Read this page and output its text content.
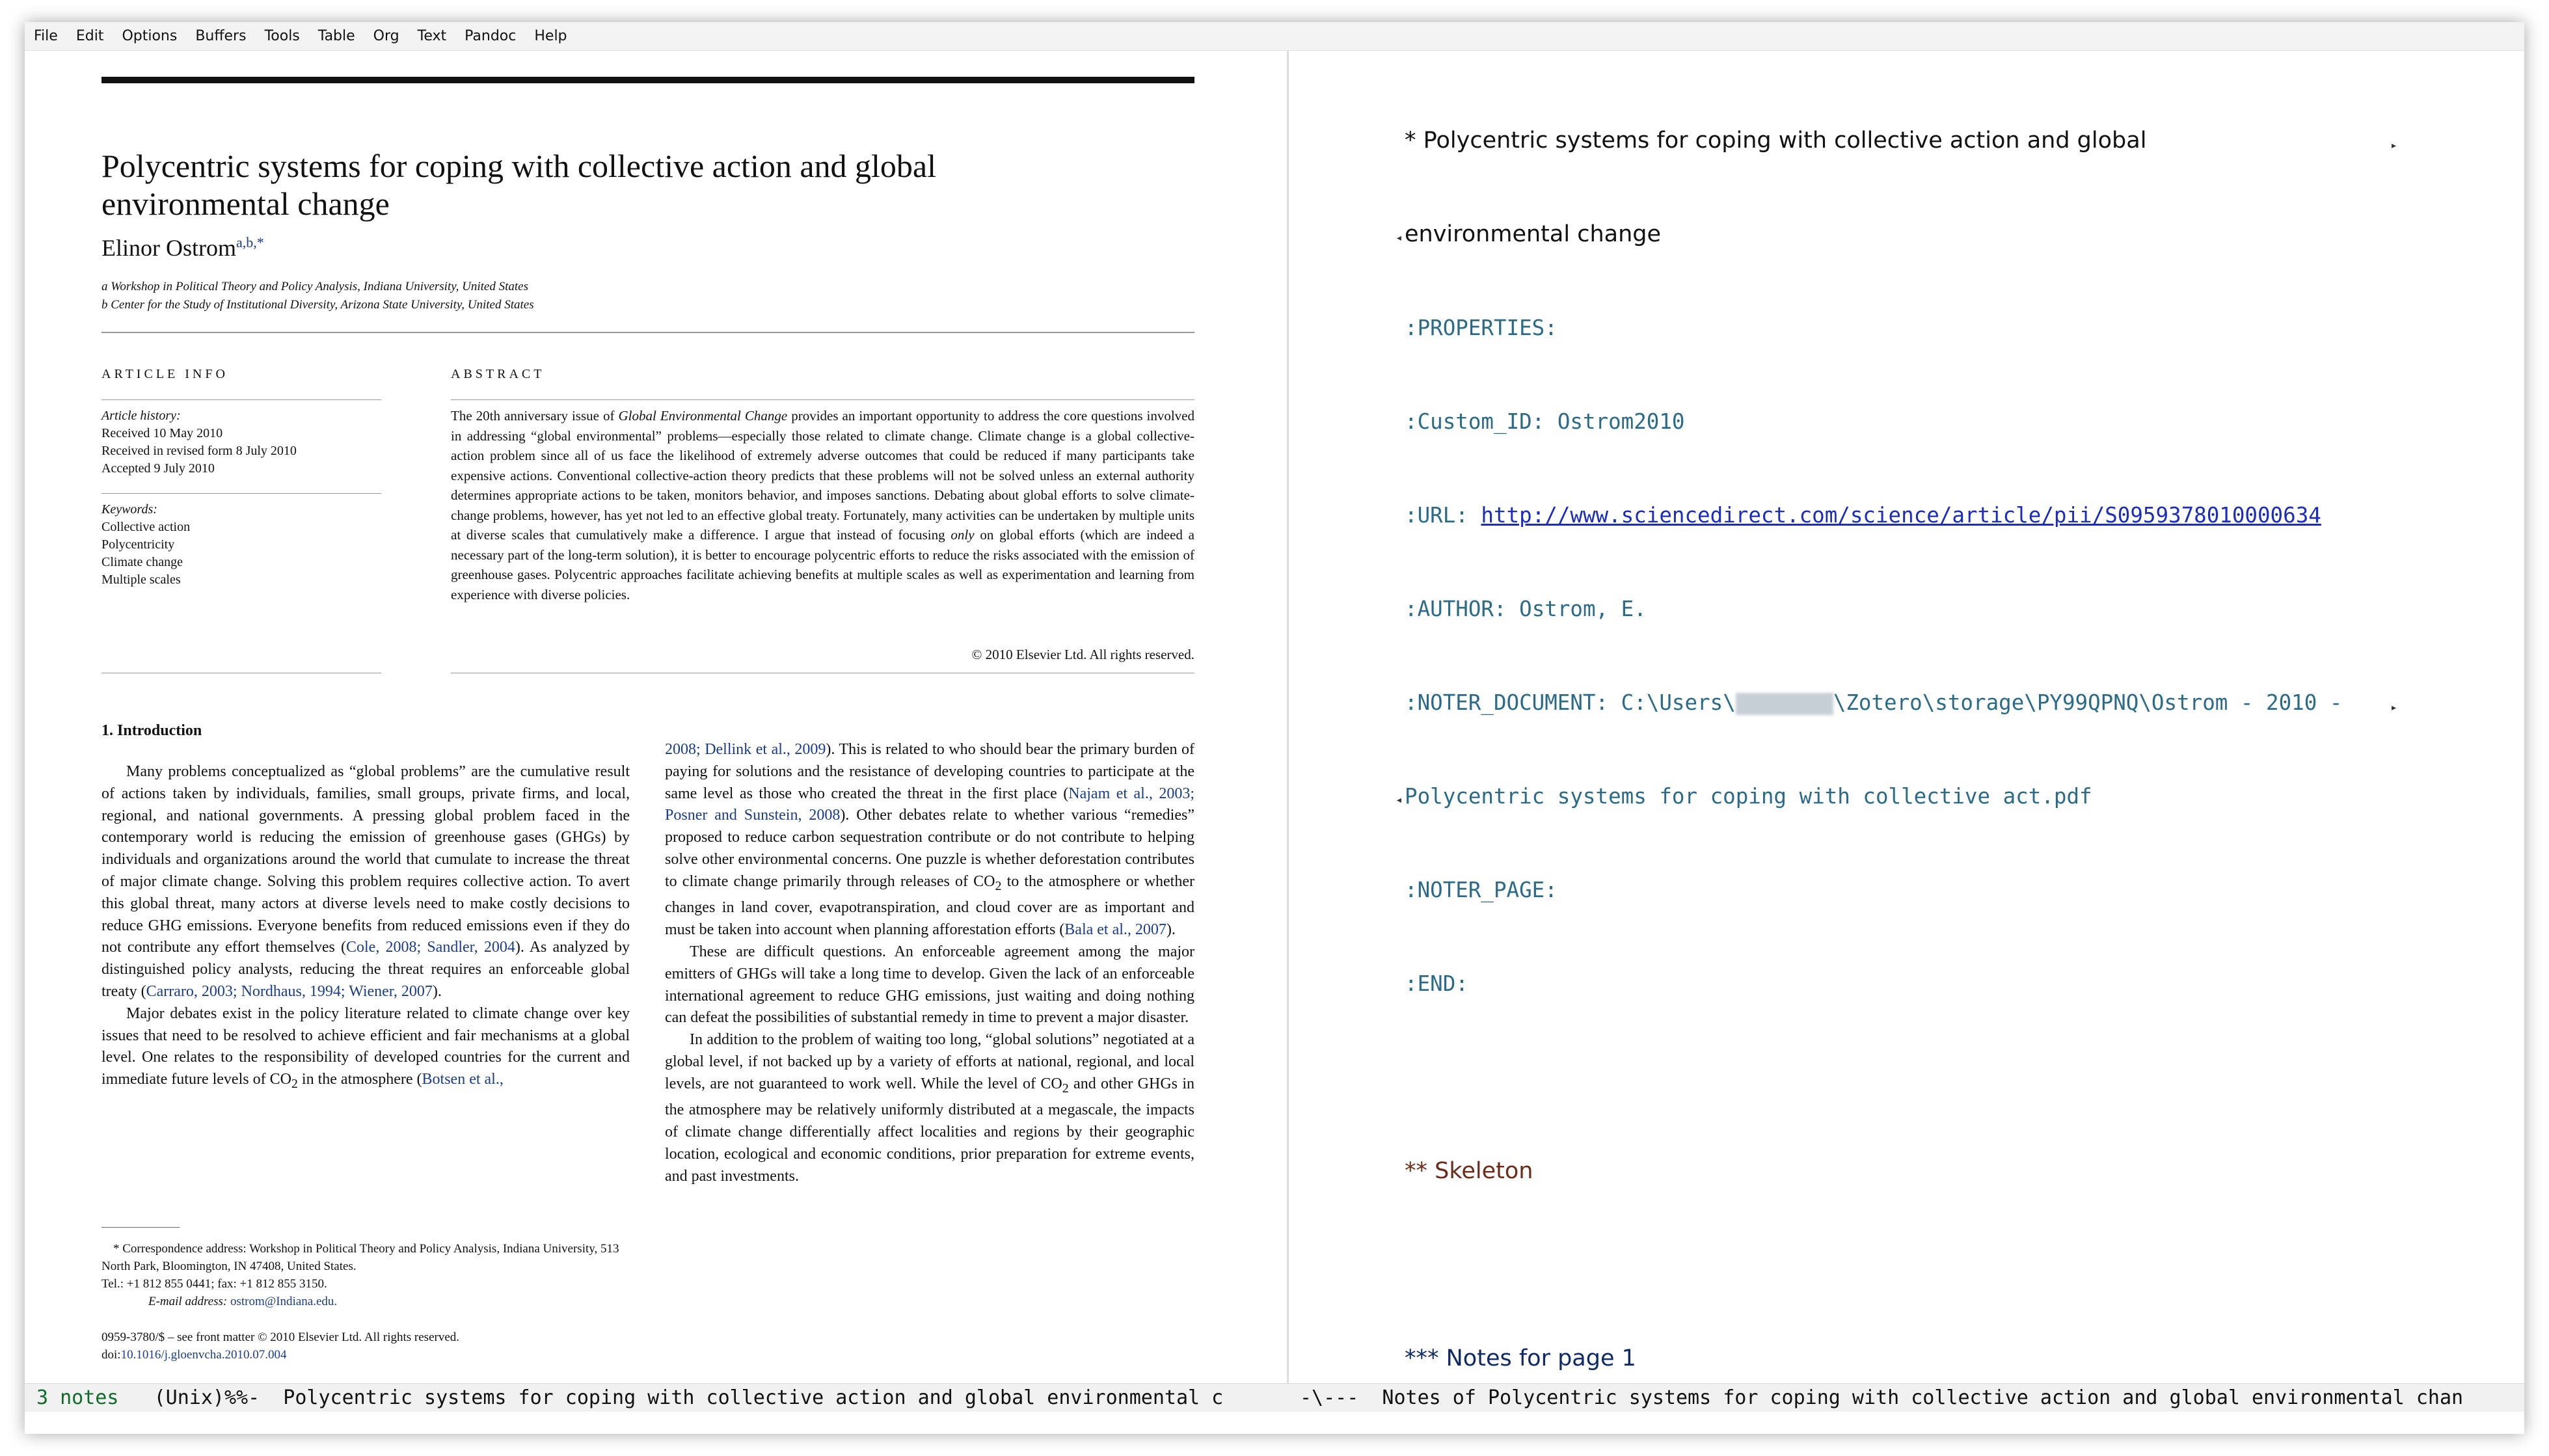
File Edit Options Buffers Tools Table Org Text Pandoc Help
Polycentric systems for coping with collective action and global
environmental change
Elinor Ostrom$^{a,b,*}$
a Workshop in Political Theory and Policy Analysis, Indiana University, United States
b Center for the Study of Institutional Diversity, Arizona State University, United States
ARTICLE INFO	ABSTRACT
Article history:
Received 10 May 2010
Received in revised form 8 July 2010
Accepted 9 July 2010
Keywords:
Collective action
Polycentricity
Climate change
Multiple scales
The 20th anniversary issue of Global Environmental Change provides an important opportunity to address the core questions involved in addressing “global environmental” problems—especially those related to climate change. Climate change is a global collective-action problem since all of us face the likelihood of extremely adverse outcomes that could be reduced if many participants take expensive actions. Conventional collective-action theory predicts that these problems will not be solved unless an external authority determines appropriate actions to be taken, monitors behavior, and imposes sanctions. Debating about global efforts to solve climate-change problems, however, has yet not led to an effective global treaty. Fortunately, many activities can be undertaken by multiple units at diverse scales that cumulatively make a difference. I argue that instead of focusing only on global efforts (which are indeed a necessary part of the long-term solution), it is better to encourage polycentric efforts to reduce the risks associated with the emission of greenhouse gases. Polycentric approaches facilitate achieving benefits at multiple scales as well as experimentation and learning from experience with diverse policies.
© 2010 Elsevier Ltd. All rights reserved.
1. Introduction

Many problems conceptualized as “global problems” are the cumulative result of actions taken by individuals, families, small groups, private firms, and local, regional, and national governments. A pressing global problem faced in the contemporary world is reducing the emission of greenhouse gases (GHGs) by individuals and organizations around the world that cumulate to increase the threat of major climate change. Solving this problem requires collective action. To avert this global threat, many actors at diverse levels need to make costly decisions to reduce GHG emissions. Everyone benefits from reduced emissions even if they do not contribute any effort themselves (Cole, 2008; Sandler, 2004). As analyzed by distinguished policy analysts, reducing the threat requires an enforceable global treaty (Carraro, 2003; Nordhaus, 1994; Wiener, 2007).

Major debates exist in the policy literature related to climate change over key issues that need to be resolved to achieve efficient and fair mechanisms at a global level. One relates to the responsibility of developed countries for the current and immediate future levels of $CO_2$ in the atmosphere (Botsen et al.,

2008; Dellink et al., 2009). This is related to who should bear the primary burden of paying for solutions and the resistance of developing countries to participate at the same level as those who created the threat in the first place (Najam et al., 2003; Posner and Sunstein, 2008). Other debates relate to whether various “remedies” proposed to reduce carbon sequestration contribute or do not contribute to helping solve other environmental concerns. One puzzle is whether deforestation contributes to climate change primarily through releases of $CO_2$ to the atmosphere or whether changes in land cover, evapotranspiration, and cloud cover are as important and must be taken into account when planning afforestation efforts (Bala et al., 2007).

These are difficult questions. An enforceable agreement among the major emitters of GHGs will take a long time to develop. Given the lack of an enforceable international agreement to reduce GHG emissions, just waiting and doing nothing can defeat the possibilities of substantial remedy in time to prevent a major disaster.

In addition to the problem of waiting too long, “global solutions” negotiated at a global level, if not backed up by a variety of efforts at national, regional, and local levels, are not guaranteed to work well. While the level of $CO_2$ and other GHGs in the atmosphere may be relatively uniformly distributed at a megascale, the impacts of climate change differentially affect localities and regions by their geographic location, ecological and economic conditions, prior preparation for extreme events, and past investments.

* Correspondence address: Workshop in Political Theory and Policy Analysis, Indiana University, 513 North Park, Bloomington, IN 47408, United States.
Tel.: +1 812 855 0441; fax: +1 812 855 3150.
E-mail address: ostrom@Indiana.edu.
0959-3780/$ – see front matter © 2010 Elsevier Ltd. All rights reserved.
doi:10.1016/j.gloenvcha.2010.07.004

* Polycentric systems for coping with collective action and global	▸

◂ environmental change

:PROPERTIES:

:Custom_ID: Ostrom2010

:URL: http://www.sciencedirect.com/science/article/pii/S0959378010000634

:AUTHOR: Ostrom, E.

:NOTER_DOCUMENT: C:\Users\	\Zotero\storage\PY99QPNQ\Ostrom - 2010 -	▸

◂ Polycentric systems for coping with collective act.pdf

:NOTER_PAGE:

:END:

** Skeleton

*** Notes for page 1

3 notes   (Unix)%%-  Polycentric systems for coping with collective action and global environmental c	-\---  Notes of Polycentric systems for coping with collective action and global environmental chan
